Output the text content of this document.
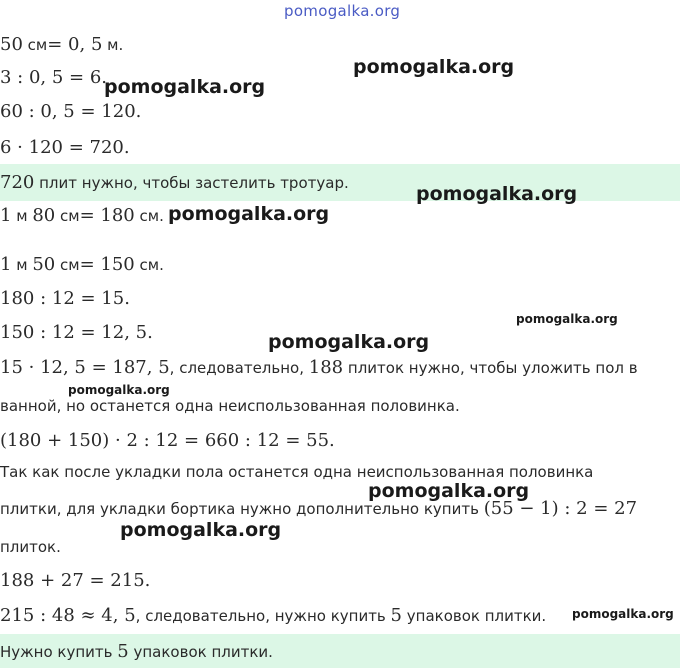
50 см= 0, 5 м.
3 : 0, 5 = 6.
60 : 0, 5 = 120.
6 · 120 = 720.
720 плит нужно, чтобы застелить тротуар.
1 м 80 см= 180 см.
1 м 50 см= 150 см.
180 : 12 = 15.
150 : 12 = 12, 5.
15 · 12, 5 = 187, 5, следовательно, 188 плиток нужно, чтобы уложить пол в
ванной, но останется одна неиспользованная половинка.
(180 + 150) · 2 : 12 = 660 : 12 = 55.
Так как после укладки пола останется одна неиспользованная половинка
плитки, для укладки бортика нужно дополнительно купить (55 − 1) : 2 = 27
плиток.
188 + 27 = 215.
215 : 48 ≈ 4, 5, следовательно, нужно купить 5 упаковок плитки.
Нужно купить 5 упаковок плитки.
pomogalka.org
pomogalka.org
pomogalka.org
pomogalka.org
pomogalka.org
pomogalka.org
pomogalka.org
pomogalka.org
pomogalka.org
pomogalka.org
pomogalka.org
